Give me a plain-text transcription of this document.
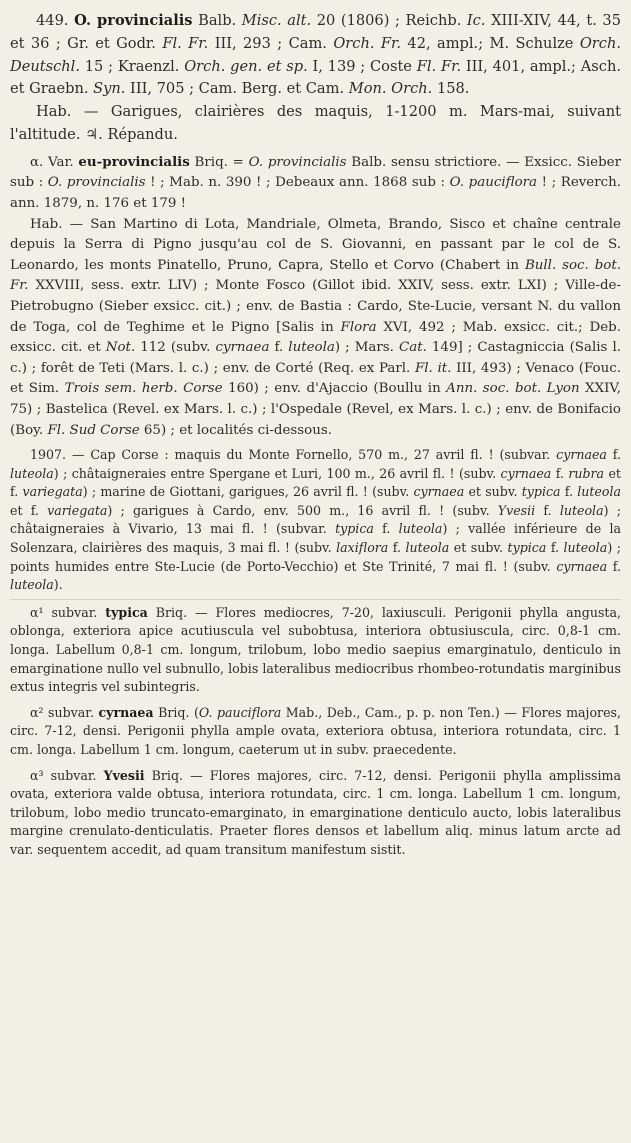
449. O. provincialis Balb. Misc. alt. 20 (1806) ; Reichb. Ic. XIII-XIV, 44, t. 35 et 36 ; Gr. et Godr. Fl. Fr. III, 293 ; Cam. Orch. Fr. 42, ampl.; M. Schulze Orch. Deutschl. 15 ; Kraenzl. Orch. gen. et sp. I, 139 ; Coste Fl. Fr. III, 401, ampl.; Asch. et Graebn. Syn. III, 705 ; Cam. Berg. et Cam. Mon. Orch. 158.

Hab. — Garigues, clairières des maquis, 1-1200 m. Mars-mai, suivant l'altitude. ♃. Répandu.

α. Var. eu-provincialis Briq. = O. provincialis Balb. sensu strictiore. — Exsicc. Sieber sub : O. provincialis ! ; Mab. n. 390 ! ; Debeaux ann. 1868 sub : O. pauciflora ! ; Reverch. ann. 1879, n. 176 et 179 !

Hab. — San Martino di Lota, Mandriale, Olmeta, Brando, Sisco et chaîne centrale depuis la Serra di Pigno jusqu'au col de S. Giovanni, en passant par le col de S. Leonardo, les monts Pinatello, Pruno, Capra, Stello et Corvo (Chabert in Bull. soc. bot. Fr. XXVIII, sess. extr. LIV) ; Monte Fosco (Gillot ibid. XXIV, sess. extr. LXI) ; Ville-de-Pietrobugno (Sieber exsicc. cit.) ; env. de Bastia : Cardo, Ste-Lucie, versant N. du vallon de Toga, col de Teghime et le Pigno [Salis in Flora XVI, 492 ; Mab. exsicc. cit.; Deb. exsicc. cit. et Not. 112 (subv. cyrnaea f. luteola) ; Mars. Cat. 149] ; Castagniccia (Salis l. c.) ; forêt de Teti (Mars. l. c.) ; env. de Corté (Req. ex Parl. Fl. it. III, 493) ; Venaco (Fouc. et Sim. Trois sem. herb. Corse 160) ; env. d'Ajaccio (Boullu in Ann. soc. bot. Lyon XXIV, 75) ; Bastelica (Revel. ex Mars. l. c.) ; l'Ospedale (Revel, ex Mars. l. c.) ; env. de Bonifacio (Boy. Fl. Sud Corse 65) ; et localités ci-dessous.

1907. — Cap Corse : maquis du Monte Fornello, 570 m., 27 avril fl. ! (subvar. cyrnaea f. luteola) ; châtaigneraies entre Spergane et Luri, 100 m., 26 avril fl. ! (subv. cyrnaea f. rubra et f. variegata) ; marine de Giottani, garigues, 26 avril fl. ! (subv. cyrnaea et subv. typica f. luteola et f. variegata) ; garigues à Cardo, env. 500 m., 16 avril fl. ! (subv. Yvesii f. luteola) ; châtaigneraies à Vivario, 13 mai fl. ! (subvar. typica f. luteola) ; vallée inférieure de la Solenzara, clairières des maquis, 3 mai fl. ! (subv. laxiflora f. luteola et subv. typica f. luteola) ; points humides entre Ste-Lucie (de Porto-Vecchio) et Ste Trinité, 7 mai fl. ! (subv. cyrnaea f. luteola).

α¹ subvar. typica Briq. — Flores mediocres, 7-20, laxiusculi. Perigonii phylla angusta, oblonga, exteriora apice acutiuscula vel subobtusa, interiora obtusiuscula, circ. 0,8-1 cm. longa. Labellum 0,8-1 cm. longum, trilobum, lobo medio saepius emarginatulo, denticulo in emarginatione nullo vel subnullo, lobis lateralibus mediocribus rhombeo-rotundatis marginibus extus integris vel subintegris.

α² subvar. cyrnaea Briq. (O. pauciflora Mab., Deb., Cam., p. p. non Ten.) — Flores majores, circ. 7-12, densi. Perigonii phylla ample ovata, exteriora obtusa, interiora rotundata, circ. 1 cm. longa. Labellum 1 cm. longum, caeterum ut in subv. praecedente.

α³ subvar. Yvesii Briq. — Flores majores, circ. 7-12, densi. Perigonii phylla amplissima ovata, exteriora valde obtusa, interiora rotundata, circ. 1 cm. longa. Labellum 1 cm. longum, trilobum, lobo medio truncato-emarginato, in emarginatione denticulo aucto, lobis lateralibus margine crenulato-denticulatis. Praeter flores densos et labellum aliq. minus latum arcte ad var. sequentem accedit, ad quam transitum manifestum sistit.
